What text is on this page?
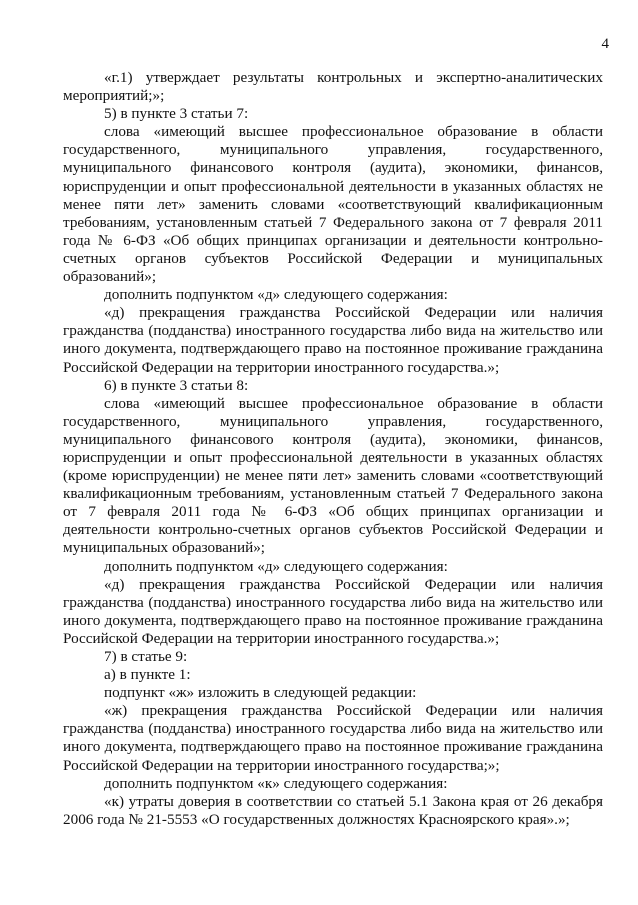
4

«г.1) утверждает результаты контрольных и экспертно-аналитических мероприятий;»;

5) в пункте 3 статьи 7:

слова «имеющий высшее профессиональное образование в области государственного, муниципального управления, государственного, муниципального финансового контроля (аудита), экономики, финансов, юриспруденции и опыт профессиональной деятельности в указанных областях не менее пяти лет» заменить словами «соответствующий квалификационным требованиям, установленным статьей 7 Федерального закона от 7 февраля 2011 года № 6-ФЗ «Об общих принципах организации и деятельности контрольно-счетных органов субъектов Российской Федерации и муниципальных образований»;

дополнить подпунктом «д» следующего содержания:

«д) прекращения гражданства Российской Федерации или наличия гражданства (подданства) иностранного государства либо вида на жительство или иного документа, подтверждающего право на постоянное проживание гражданина Российской Федерации на территории иностранного государства.»;

6) в пункте 3 статьи 8:

слова «имеющий высшее профессиональное образование в области государственного, муниципального управления, государственного, муниципального финансового контроля (аудита), экономики, финансов, юриспруденции и опыт профессиональной деятельности в указанных областях (кроме юриспруденции) не менее пяти лет» заменить словами «соответствующий квалификационным требованиям, установленным статьей 7 Федерального закона от 7 февраля 2011 года № 6-ФЗ «Об общих принципах организации и деятельности контрольно-счетных органов субъектов Российской Федерации и муниципальных образований»;

дополнить подпунктом «д» следующего содержания:

«д) прекращения гражданства Российской Федерации или наличия гражданства (подданства) иностранного государства либо вида на жительство или иного документа, подтверждающего право на постоянное проживание гражданина Российской Федерации на территории иностранного государства.»;

7) в статье 9:

а) в пункте 1:

подпункт «ж» изложить в следующей редакции:

«ж) прекращения гражданства Российской Федерации или наличия гражданства (подданства) иностранного государства либо вида на жительство или иного документа, подтверждающего право на постоянное проживание гражданина Российской Федерации на территории иностранного государства;»;

дополнить подпунктом «к» следующего содержания:

«к) утраты доверия в соответствии со статьей 5.1 Закона края от 26 декабря 2006 года № 21-5553 «О государственных должностях Красноярского края».»;
